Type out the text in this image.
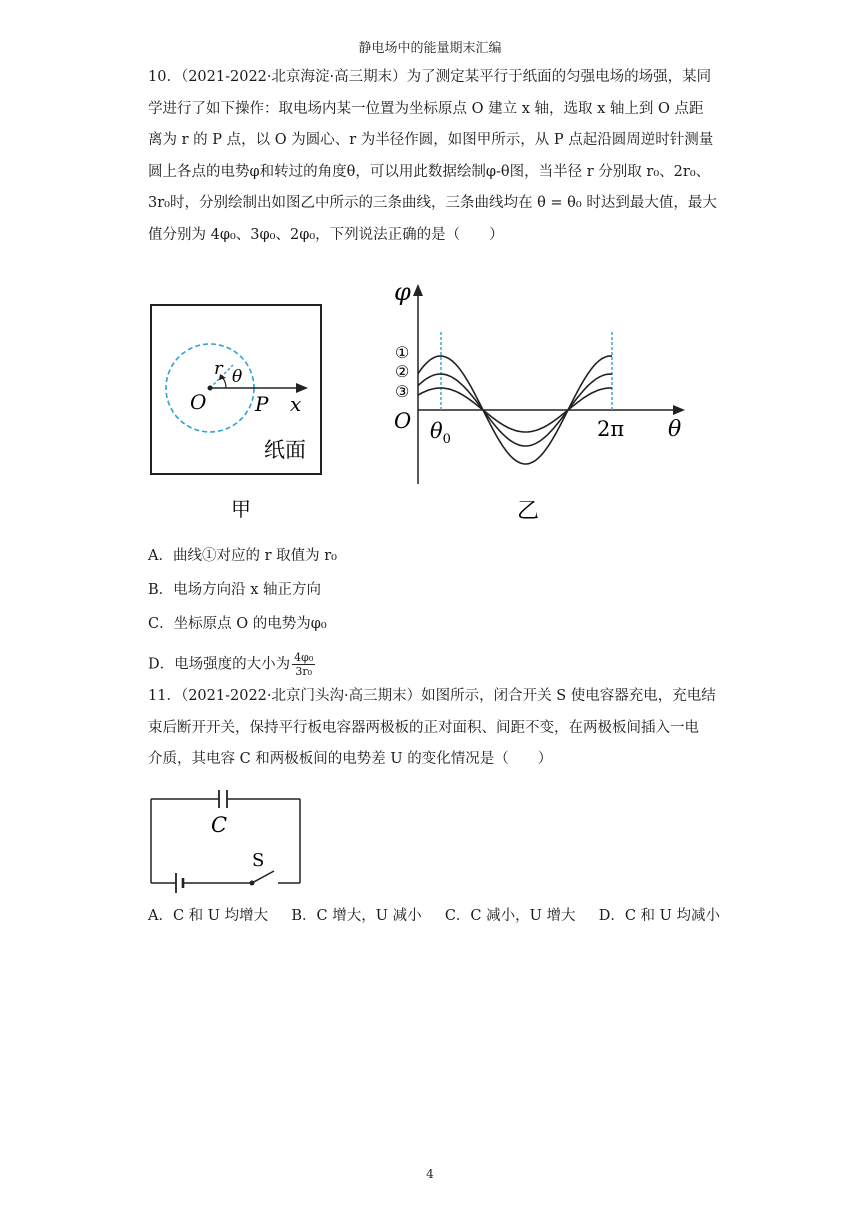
静电场中的能量期末汇编
10．（2021-2022·北京海淀·高三期末）为了测定某平行于纸面的匀强电场的场强，某同
学进行了如下操作：取电场内某一位置为坐标原点 O 建立 x 轴，选取 x 轴上到 O 点距
离为 r 的 P 点，以 O 为圆心、r 为半径作圆，如图甲所示，从 P 点起沿圆周逆时针测量
圆上各点的电势φ和转过的角度θ，可以用此数据绘制φ-θ图，当半径 r 分别取 r₀、2r₀、
3r₀时，分别绘制出如图乙中所示的三条曲线，三条曲线均在 θ = θ₀ 时达到最大值，最大
值分别为 4φ₀、3φ₀、2φ₀，下列说法正确的是（　　）
r θ
O P x
纸面
甲
φ
①
②
③
O $\theta_0$	2π θ
乙
A．曲线①对应的 r 取值为 r₀
B．电场方向沿 x 轴正方向
C．坐标原点 O 的电势为φ₀
D．电场强度的大小为 $\frac{\text{4φ₀}}{\text{3r₀}}$
11．（2021-2022·北京门头沟·高三期末）如图所示，闭合开关 S 使电容器充电，充电结
束后断开开关，保持平行板电容器两极板的正对面积、间距不变，在两极板间插入一电
介质，其电容 C 和两极板间的电势差 U 的变化情况是（　　）
C
S
A．C 和 U 均增大 B．C 增大，U 减小 C．C 减小，U 增大 D．C 和 U 均减小
4
